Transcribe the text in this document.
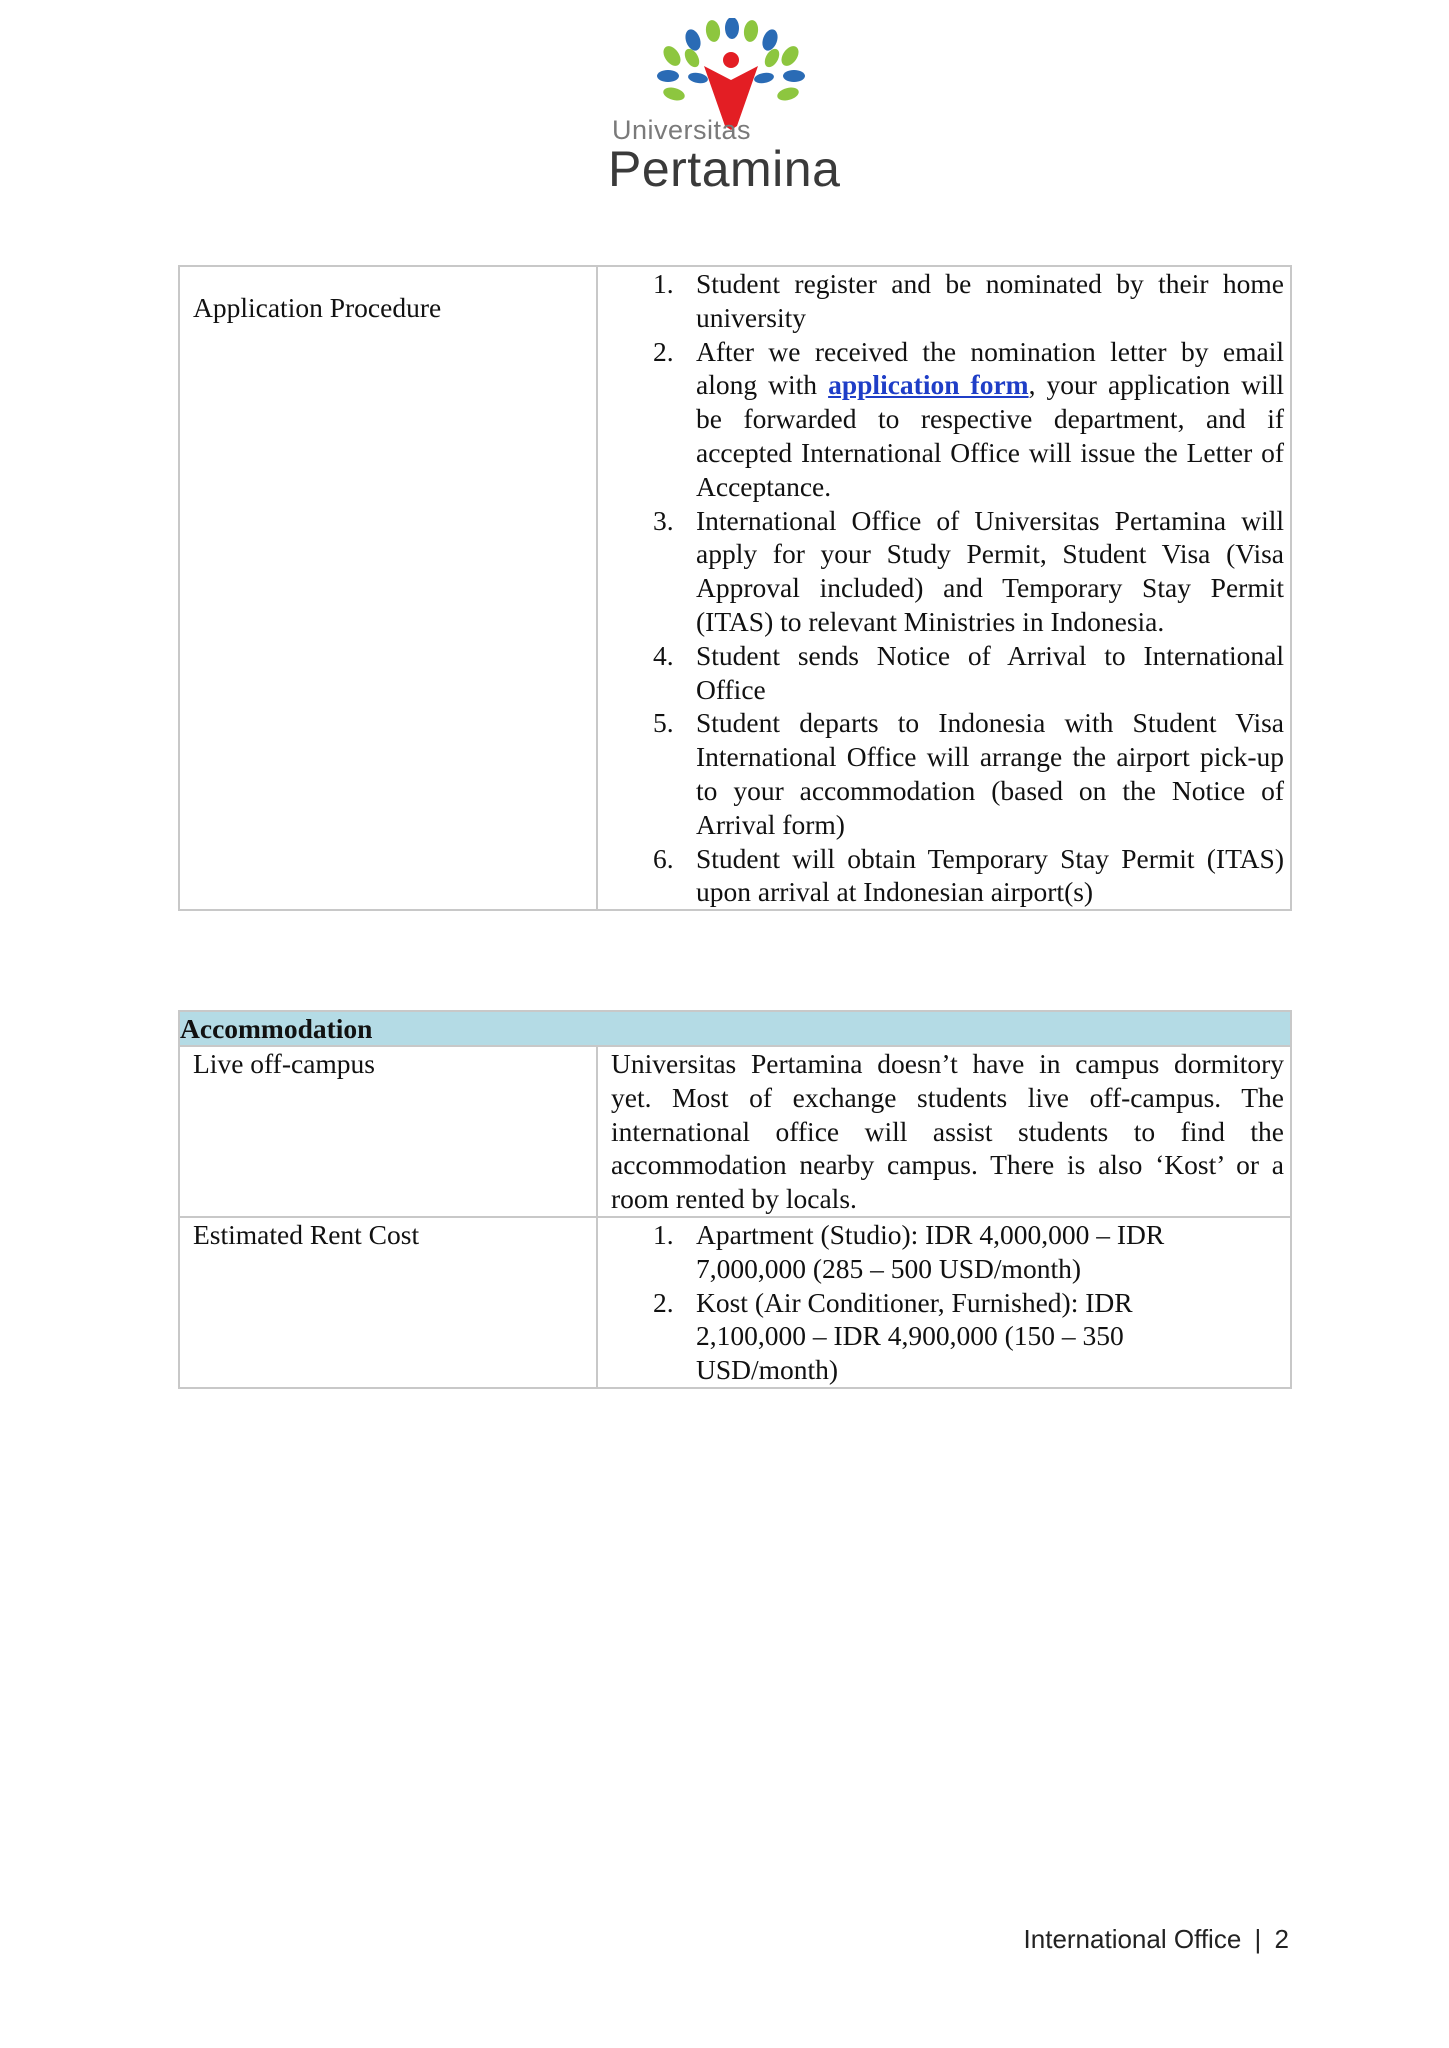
Universitas
Pertamina
Application Procedure

1. Student register and be nominated by their home university
2. After we received the nomination letter by email along with application form, your application will be forwarded to respective department, and if accepted International Office will issue the Letter of Acceptance.
3. International Office of Universitas Pertamina will apply for your Study Permit, Student Visa (Visa Approval included) and Temporary Stay Permit (ITAS) to relevant Ministries in Indonesia.
4. Student sends Notice of Arrival to International Office
5. Student departs to Indonesia with Student Visa International Office will arrange the airport pick-up to your accommodation (based on the Notice of Arrival form)
6. Student will obtain Temporary Stay Permit (ITAS) upon arrival at Indonesian airport(s)
Accommodation

Live off-campus	Universitas Pertamina doesn’t have in campus dormitory yet. Most of exchange students live off-campus. The international office will assist students to find the accommodation nearby campus. There is also ‘Kost’ or a room rented by locals.

Estimated Rent Cost	1. Apartment (Studio): IDR 4,000,000 – IDR 7,000,000 (285 – 500 USD/month)
2. Kost (Air Conditioner, Furnished): IDR 2,100,000 – IDR 4,900,000 (150 – 350 USD/month)
International Office | 2
